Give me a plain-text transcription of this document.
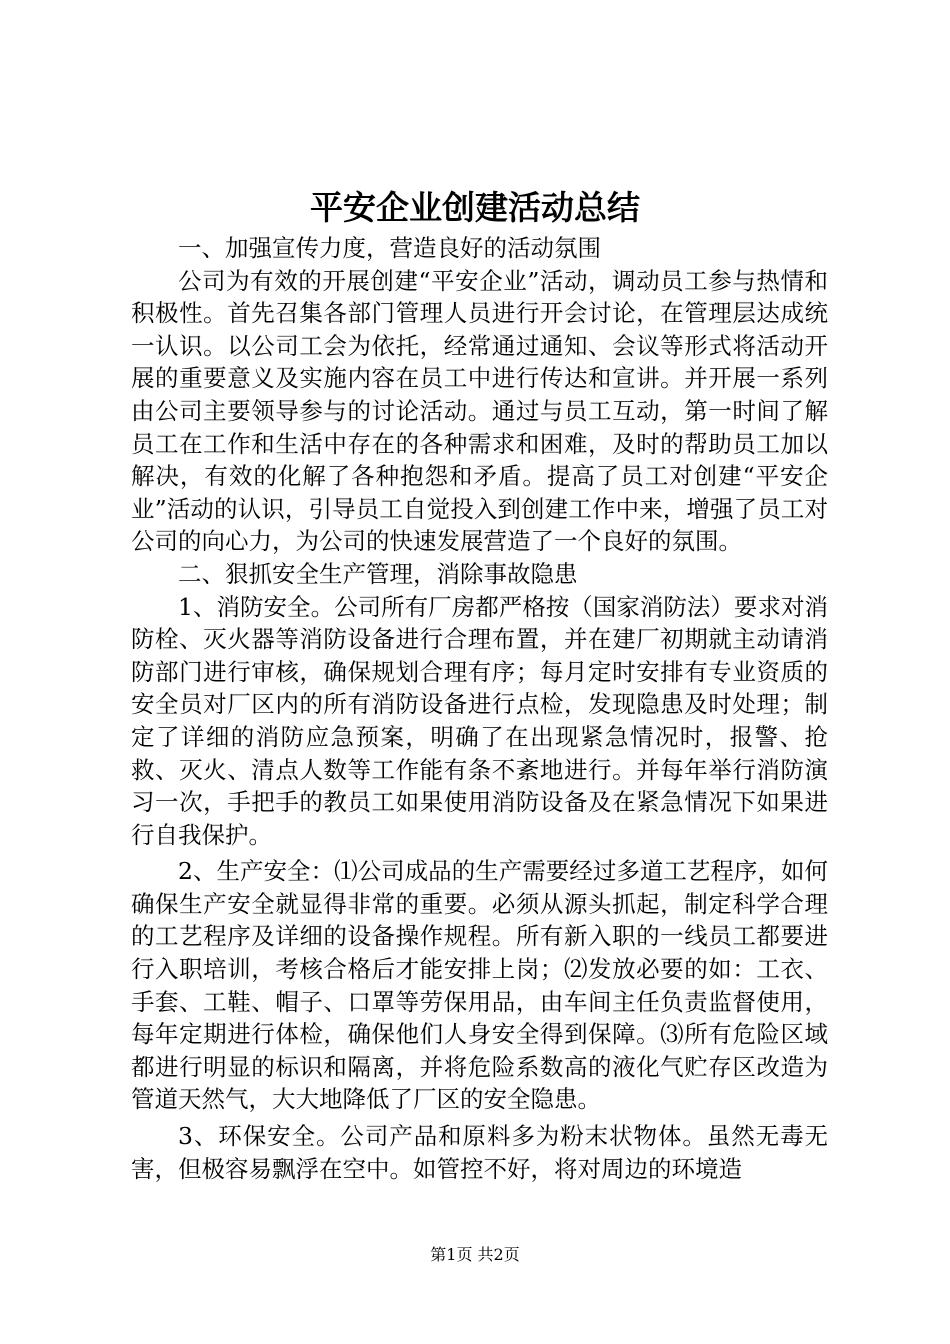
平安企业创建活动总结

一、加强宣传力度，营造良好的活动氛围

公司为有效的开展创建“平安企业”活动，调动员工参与热情和积极性。首先召集各部门管理人员进行开会讨论，在管理层达成统一认识。以公司工会为依托，经常通过通知、会议等形式将活动开展的重要意义及实施内容在员工中进行传达和宣讲。并开展一系列由公司主要领导参与的讨论活动。通过与员工互动，第一时间了解员工在工作和生活中存在的各种需求和困难，及时的帮助员工加以解决，有效的化解了各种抱怨和矛盾。提高了员工对创建“平安企业”活动的认识，引导员工自觉投入到创建工作中来，增强了员工对公司的向心力，为公司的快速发展营造了一个良好的氛围。

二、狠抓安全生产管理，消除事故隐患

1、消防安全。公司所有厂房都严格按（国家消防法）要求对消防栓、灭火器等消防设备进行合理布置，并在建厂初期就主动请消防部门进行审核，确保规划合理有序；每月定时安排有专业资质的安全员对厂区内的所有消防设备进行点检，发现隐患及时处理；制定了详细的消防应急预案，明确了在出现紧急情况时，报警、抢救、灭火、清点人数等工作能有条不紊地进行。并每年举行消防演习一次，手把手的教员工如果使用消防设备及在紧急情况下如果进行自我保护。

2、生产安全：⑴公司成品的生产需要经过多道工艺程序，如何确保生产安全就显得非常的重要。必须从源头抓起，制定科学合理的工艺程序及详细的设备操作规程。所有新入职的一线员工都要进行入职培训，考核合格后才能安排上岗；⑵发放必要的如：工衣、手套、工鞋、帽子、口罩等劳保用品，由车间主任负责监督使用，每年定期进行体检，确保他们人身安全得到保障。⑶所有危险区域都进行明显的标识和隔离，并将危险系数高的液化气贮存区改造为管道天然气，大大地降低了厂区的安全隐患。

3、环保安全。公司产品和原料多为粉末状物体。虽然无毒无害，但极容易飘浮在空中。如管控不好，将对周边的环境造

第1页 共2页
